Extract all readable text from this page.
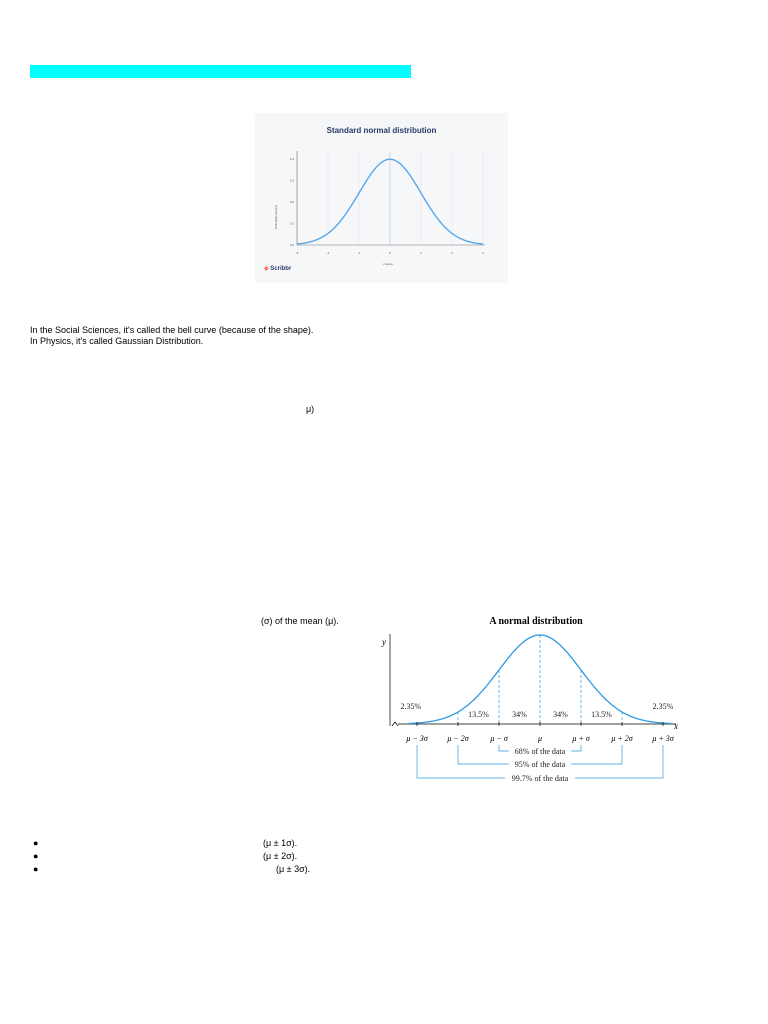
Standard normal distribution
-3	-2	-1	0	1	2	3
0.4
0.3
0.2
0.1
0.0
Probability density
z-score
◈ Scribbr
In the Social Sciences, it's called the bell curve (because of the shape).
In Physics, it's called Gaussian Distribution.
μ)
(σ) of the mean (μ).	A normal distribution
y
x
2.35%
13.5%	34%	34%	13.5%
2.35%
μ − 3σ μ − 2σ	μ − σ	μ	μ + σ	μ + 2σ μ + 3σ
68% of the data
95% of the data
99.7% of the data
●	(μ ± 1σ).
●	(μ ± 2σ).
●	(μ ± 3σ).
